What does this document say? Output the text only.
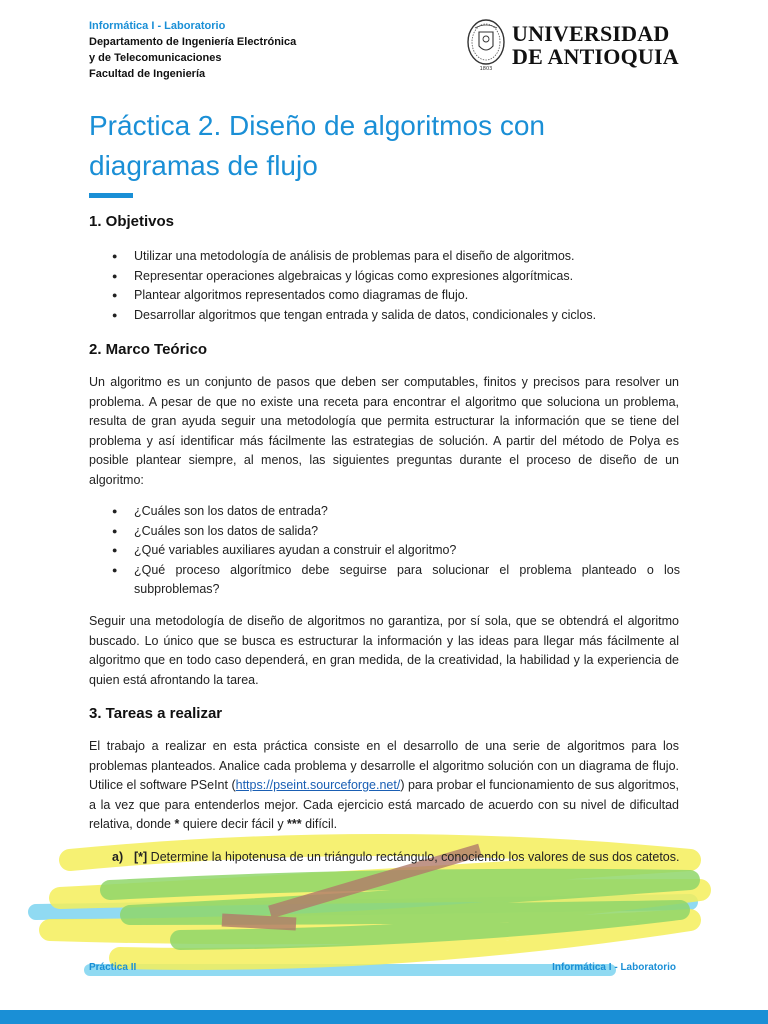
Informática I - Laboratorio

Departamento de Ingeniería Electrónica

y de Telecomunicaciones

Facultad de Ingeniería	1803
UNIVERSIDAD
DE ANTIOQUIA
Práctica 2. Diseño de algoritmos con diagramas de flujo
1. Objetivos
● Utilizar una metodología de análisis de problemas para el diseño de algoritmos.
● Representar operaciones algebraicas y lógicas como expresiones algorítmicas.
● Plantear algoritmos representados como diagramas de flujo.
● Desarrollar algoritmos que tengan entrada y salida de datos, condicionales y ciclos.
2. Marco Teórico

Un algoritmo es un conjunto de pasos que deben ser computables, finitos y precisos para resolver un problema. A pesar de que no existe una receta para encontrar el algoritmo que soluciona un problema, resulta de gran ayuda seguir una metodología que permita estructurar la información que se tiene del problema y así identificar más fácilmente las estrategias de solución. A partir del método de Polya es posible plantear siempre, al menos, las siguientes preguntas durante el proceso de diseño de un algoritmo:

● ¿Cuáles son los datos de entrada?
● ¿Cuáles son los datos de salida?
● ¿Qué variables auxiliares ayudan a construir el algoritmo?
● ¿Qué proceso algorítmico debe seguirse para solucionar el problema planteado o los subproblemas?

Seguir una metodología de diseño de algoritmos no garantiza, por sí sola, que se obtendrá el algoritmo buscado. Lo único que se busca es estructurar la información y las ideas para llegar más fácilmente al algoritmo que en todo caso dependerá, en gran medida, de la creatividad, la habilidad y la experiencia de quien está afrontando la tarea.

3. Tareas a realizar

El trabajo a realizar en esta práctica consiste en el desarrollo de una serie de algoritmos para los problemas planteados. Analice cada problema y desarrolle el algoritmo solución con un diagrama de flujo. Utilice el software PSeInt (https://pseint.sourceforge.net/) para probar el funcionamiento de sus algoritmos, a la vez que para entenderlos mejor. Cada ejercicio está marcado de acuerdo con su nivel de dificultad relativa, donde * quiere decir fácil y *** difícil.

a) [*] Determine la hipotenusa de un triángulo rectángulo, conociendo los valores de sus dos catetos.

Práctica II	Informática I - Laboratorio
